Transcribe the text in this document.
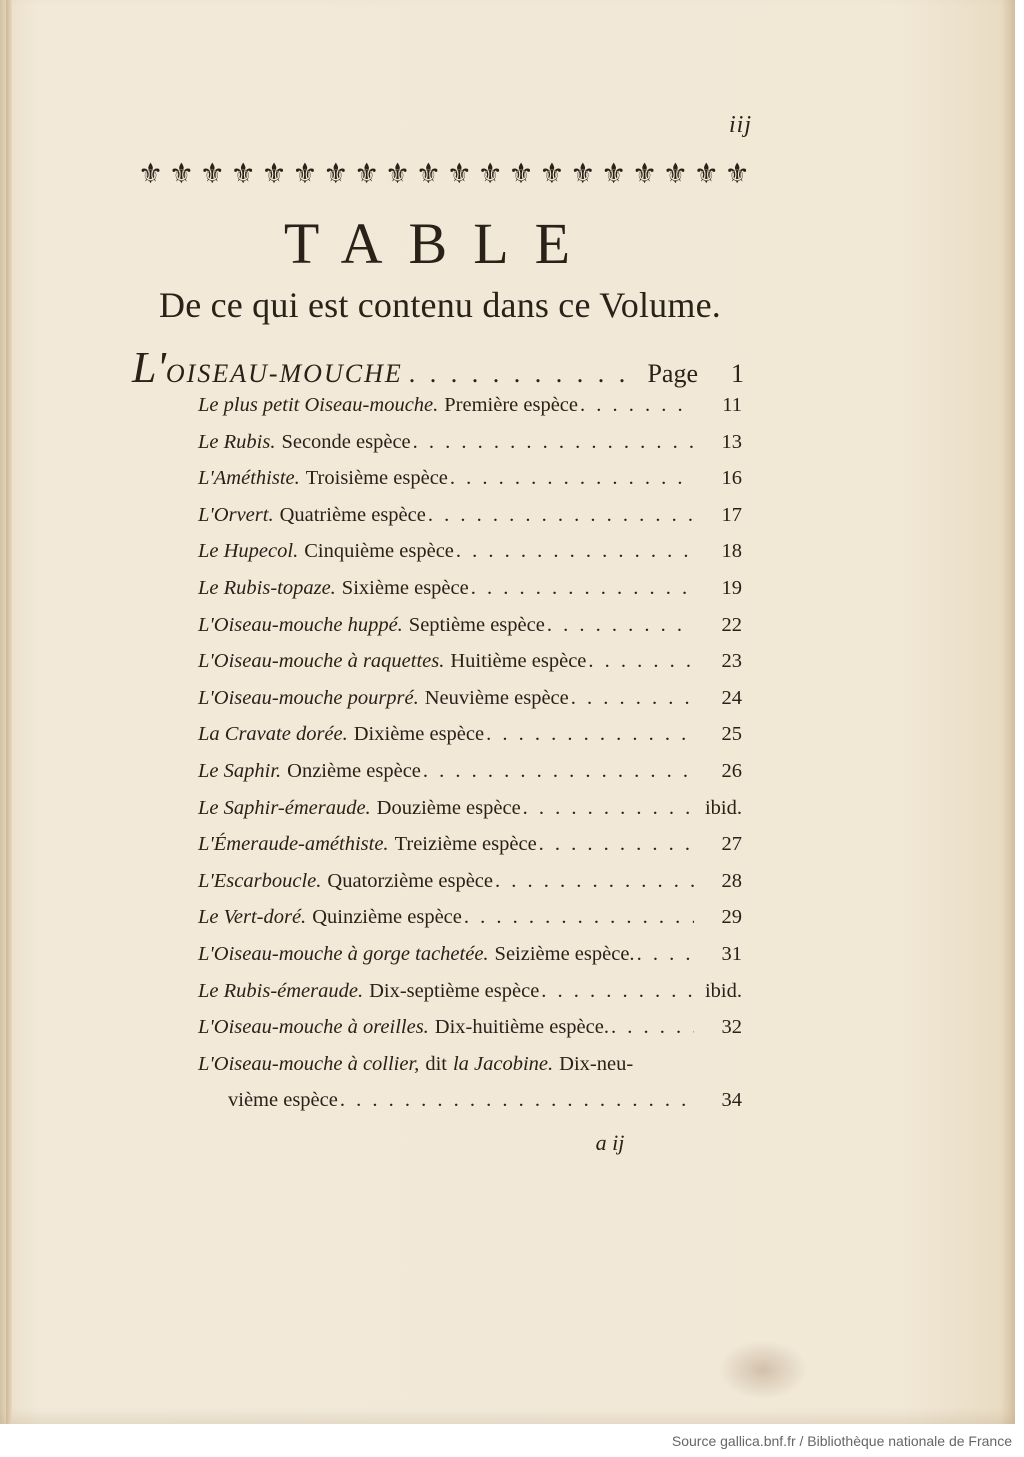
iij
⚜ ⚜ ⚜ ⚜ ⚜ ⚜ ⚜ ⚜ ⚜ ⚜ ⚜ ⚜ ⚜ ⚜ ⚜ ⚜ ⚜ ⚜ ⚜ ⚜
TABLE
De ce qui est contenu dans ce Volume.
L' OISEAU-MOUCHE . . .	Page	1
Le plus petit Oiseau-mouche. Première espèce . . .	11
Le Rubis. Seconde espèce . . .	13
L'Améthiste. Troisième espèce . . .	16
L'Orvert. Quatrième espèce . . .	17
Le Hupecol. Cinquième espèce . . .	18
Le Rubis-topaze. Sixième espèce . . .	19
L'Oiseau-mouche huppé. Septième espèce . . .	22
L'Oiseau-mouche à raquettes. Huitième espèce . . .	23
L'Oiseau-mouche pourpré. Neuvième espèce . . .	24
La Cravate dorée. Dixième espèce . . .	25
Le Saphir. Onzième espèce . . .	26
Le Saphir-émeraude. Douzième espèce . . .	ibid.
L'Émeraude-améthiste. Treizième espèce . . .	27
L'Escarboucle. Quatorzième espèce . . .	28
Le Vert-doré. Quinzième espèce . . .	29
L'Oiseau-mouche à gorge tachetée. Seizième espèce. . . .	31
Le Rubis-émeraude. Dix-septième espèce . . .	ibid.
L'Oiseau-mouche à oreilles. Dix-huitième espèce. . . .	32
L'Oiseau-mouche à collier, dit la Jacobine. Dix-neu-
vième espèce . . .	34
a ij
Source gallica.bnf.fr / Bibliothèque nationale de France
